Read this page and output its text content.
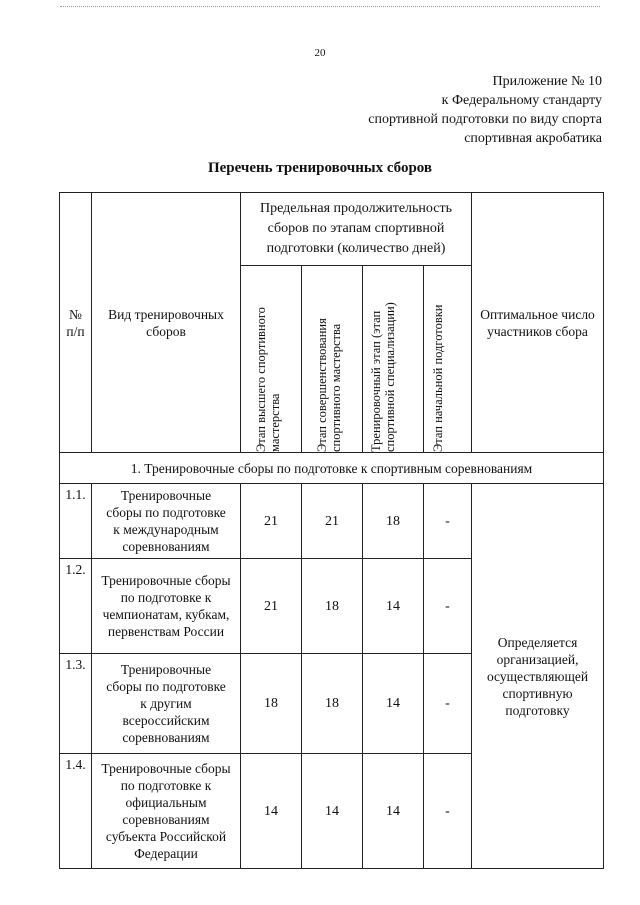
20
Приложение № 10
к Федеральному стандарту
спортивной подготовки по виду спорта
спортивная акробатика
Перечень тренировочных сборов
№ п/п	Вид тренировочных сборов	Предельная продолжительность сборов по этапам спортивной подготовки (количество дней)				Оптимальное число участников сбора

		Этап высшего спортивного мастерства	Этап совершенствования спортивного мастерства	Тренировочный этап (этап спортивной специализации)	Этап начальной подготовки	

1. Тренировочные сборы по подготовке к спортивным соревнованиям						
1.1.	Тренировочные сборы по подготовке к международным соревнованиям	21	21	18	-	Определяется организацией, осуществляющей спортивную подготовку
1.2.	Тренировочные сборы по подготовке к чемпионатам, кубкам, первенствам России	21	18	14	-	
1.3.	Тренировочные сборы по подготовке к другим всероссийским соревнованиям	18	18	14	-	
1.4.	Тренировочные сборы по подготовке к официальным соревнованиям субъекта Российской Федерации	14	14	14	-	
